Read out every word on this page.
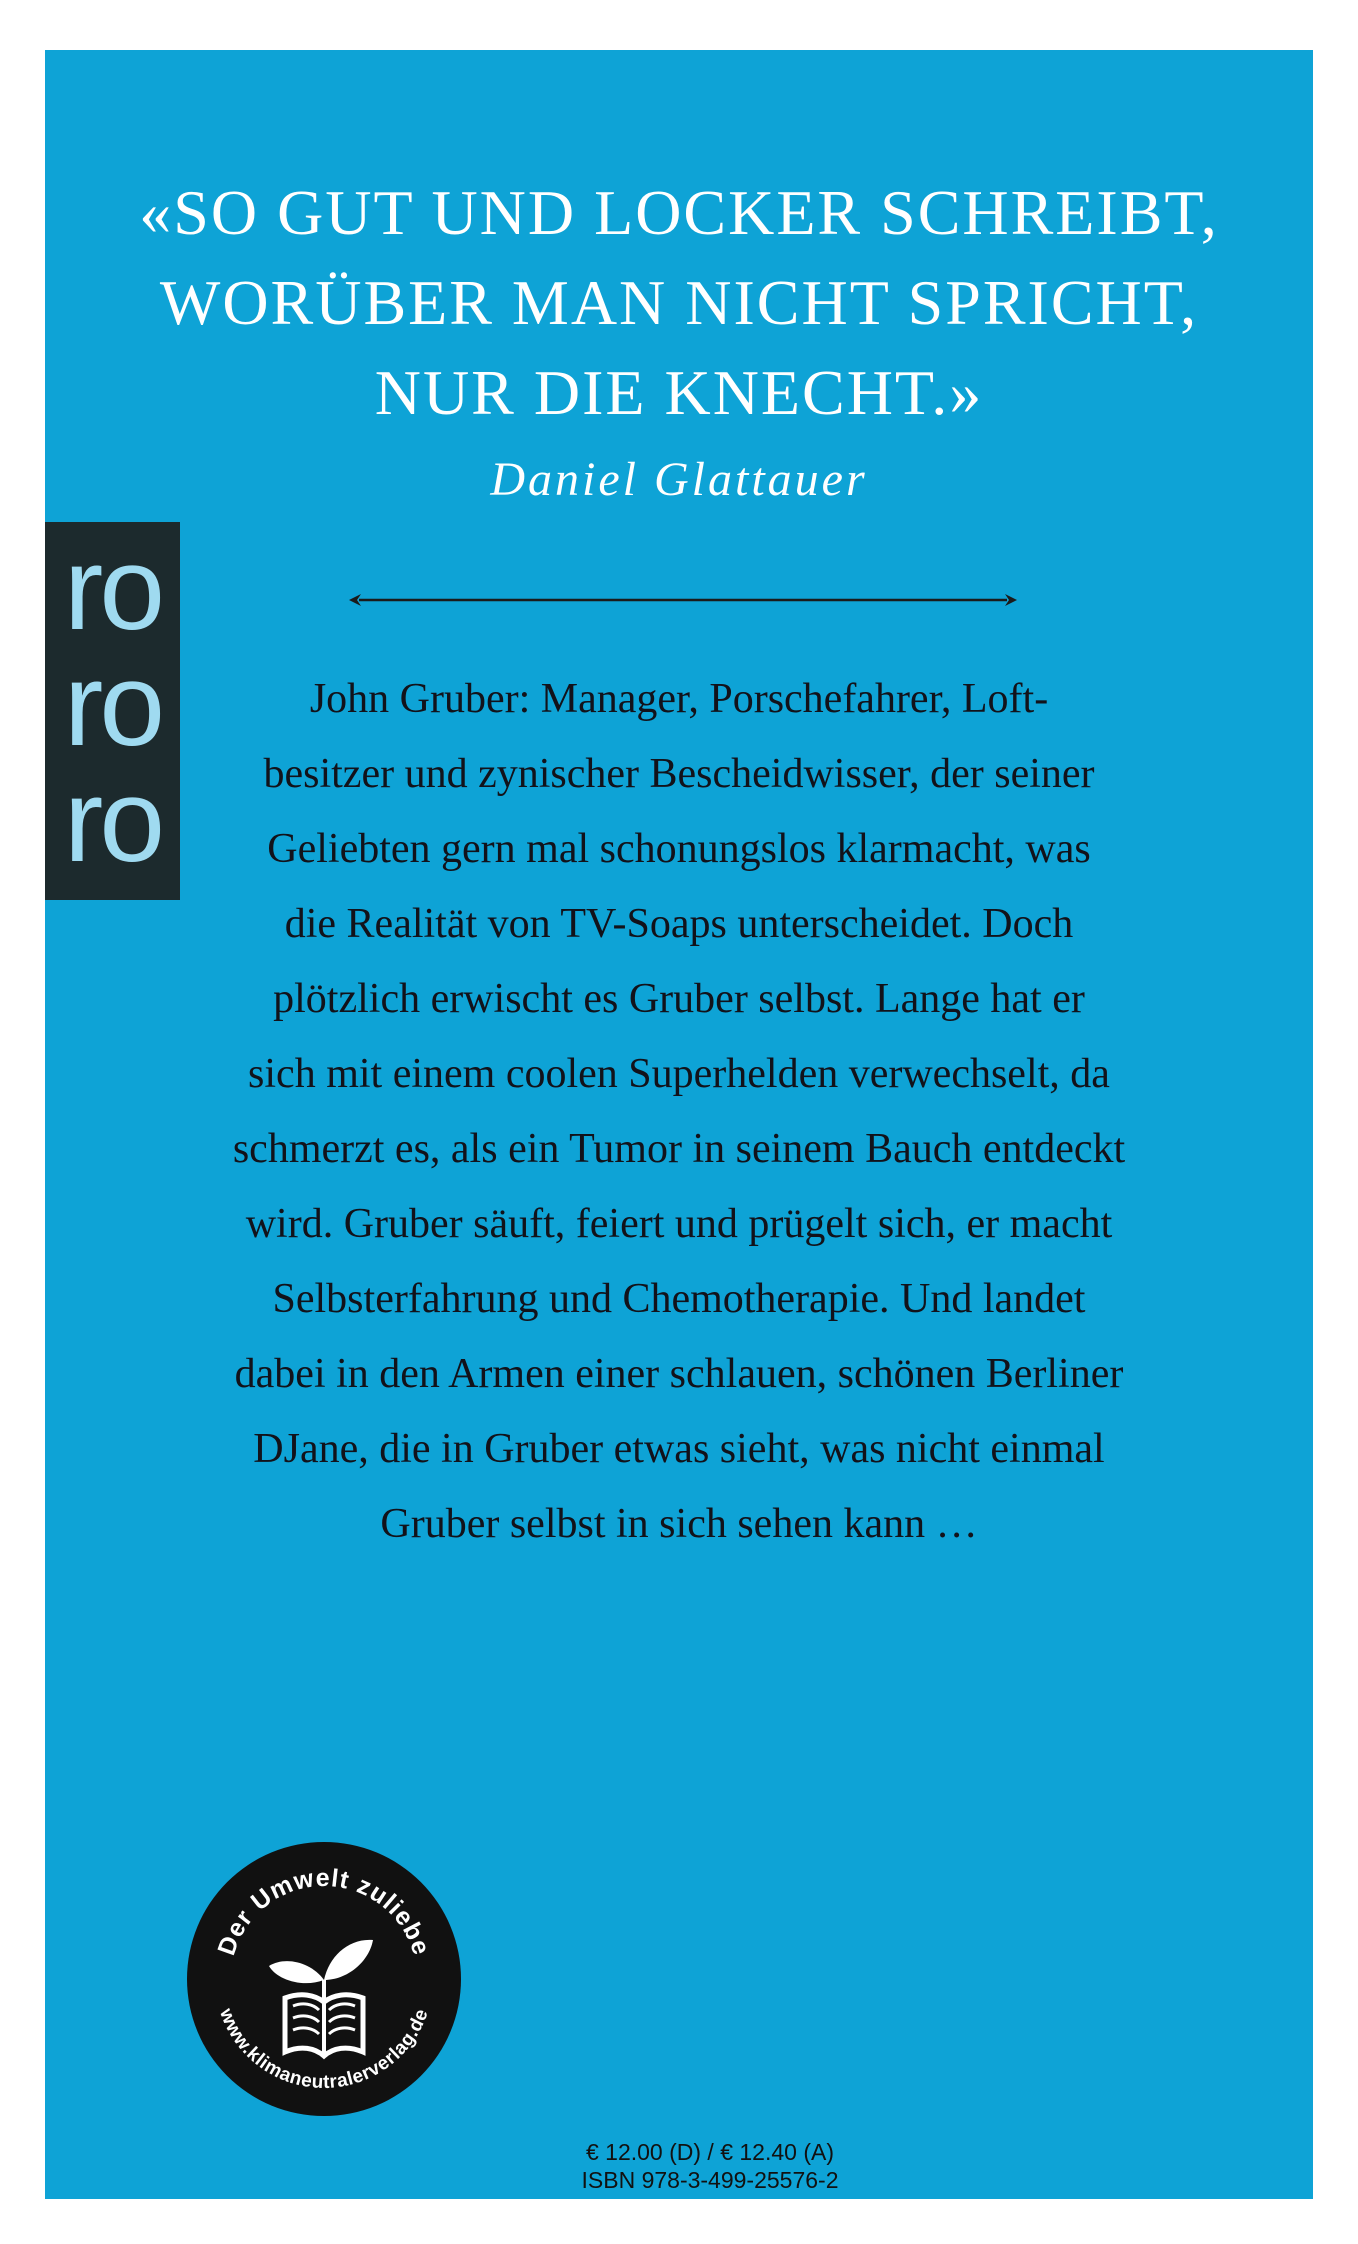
«SO GUT UND LOCKER SCHREIBT,
WORÜBER MAN NICHT SPRICHT,
NUR DIE KNECHT.»

Daniel Glattauer
John Gruber: Manager, Porschefahrer, Loft-
besitzer und zynischer Bescheidwisser, der seiner
Geliebten gern mal schonungslos klarmacht, was
die Realität von TV-Soaps unterscheidet. Doch
plötzlich erwischt es Gruber selbst. Lange hat er
sich mit einem coolen Superhelden verwechselt, da
schmerzt es, als ein Tumor in seinem Bauch entdeckt
wird. Gruber säuft, feiert und prügelt sich, er macht
Selbsterfahrung und Chemotherapie. Und landet
dabei in den Armen einer schlauen, schönen Berliner
DJane, die in Gruber etwas sieht, was nicht einmal
Gruber selbst in sich sehen kann …
ro
ro
ro
Der Umwelt zuliebe
www.klimaneutralerverlag.de
€ 12.00 (D) / € 12.40 (A)
ISBN 978-3-499-25576-2
